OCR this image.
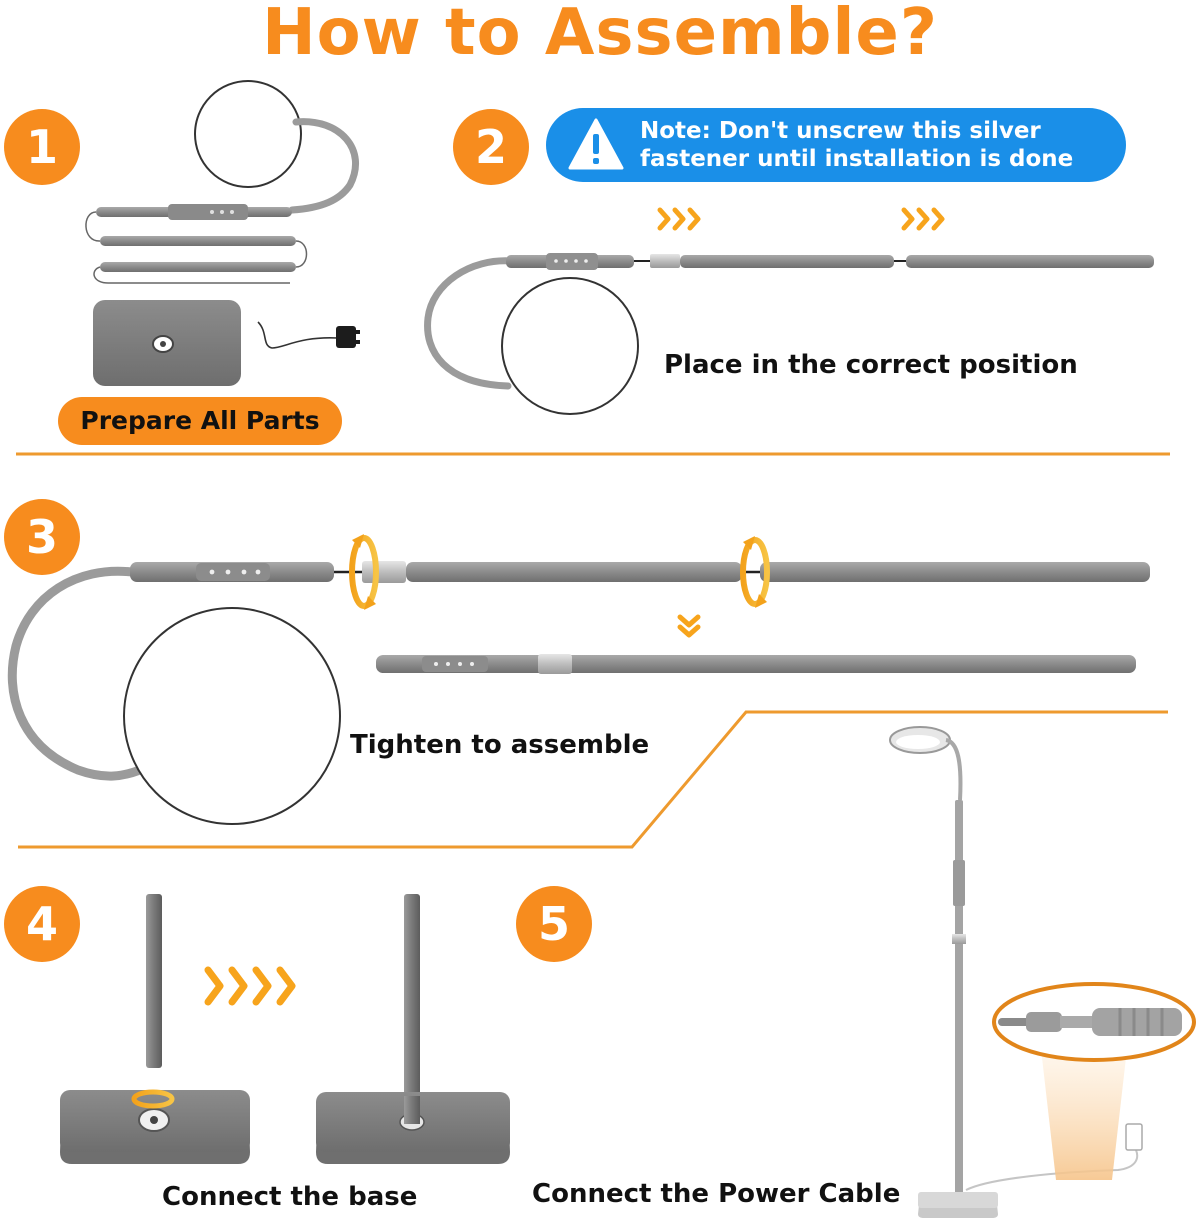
How to Assemble?
1	2
3
4	5
Prepare All Parts
Place in the correct position
Tighten to assemble
Connect the base	Connect the Power Cable
Note: Don't unscrew this silver
fastener until installation is done
